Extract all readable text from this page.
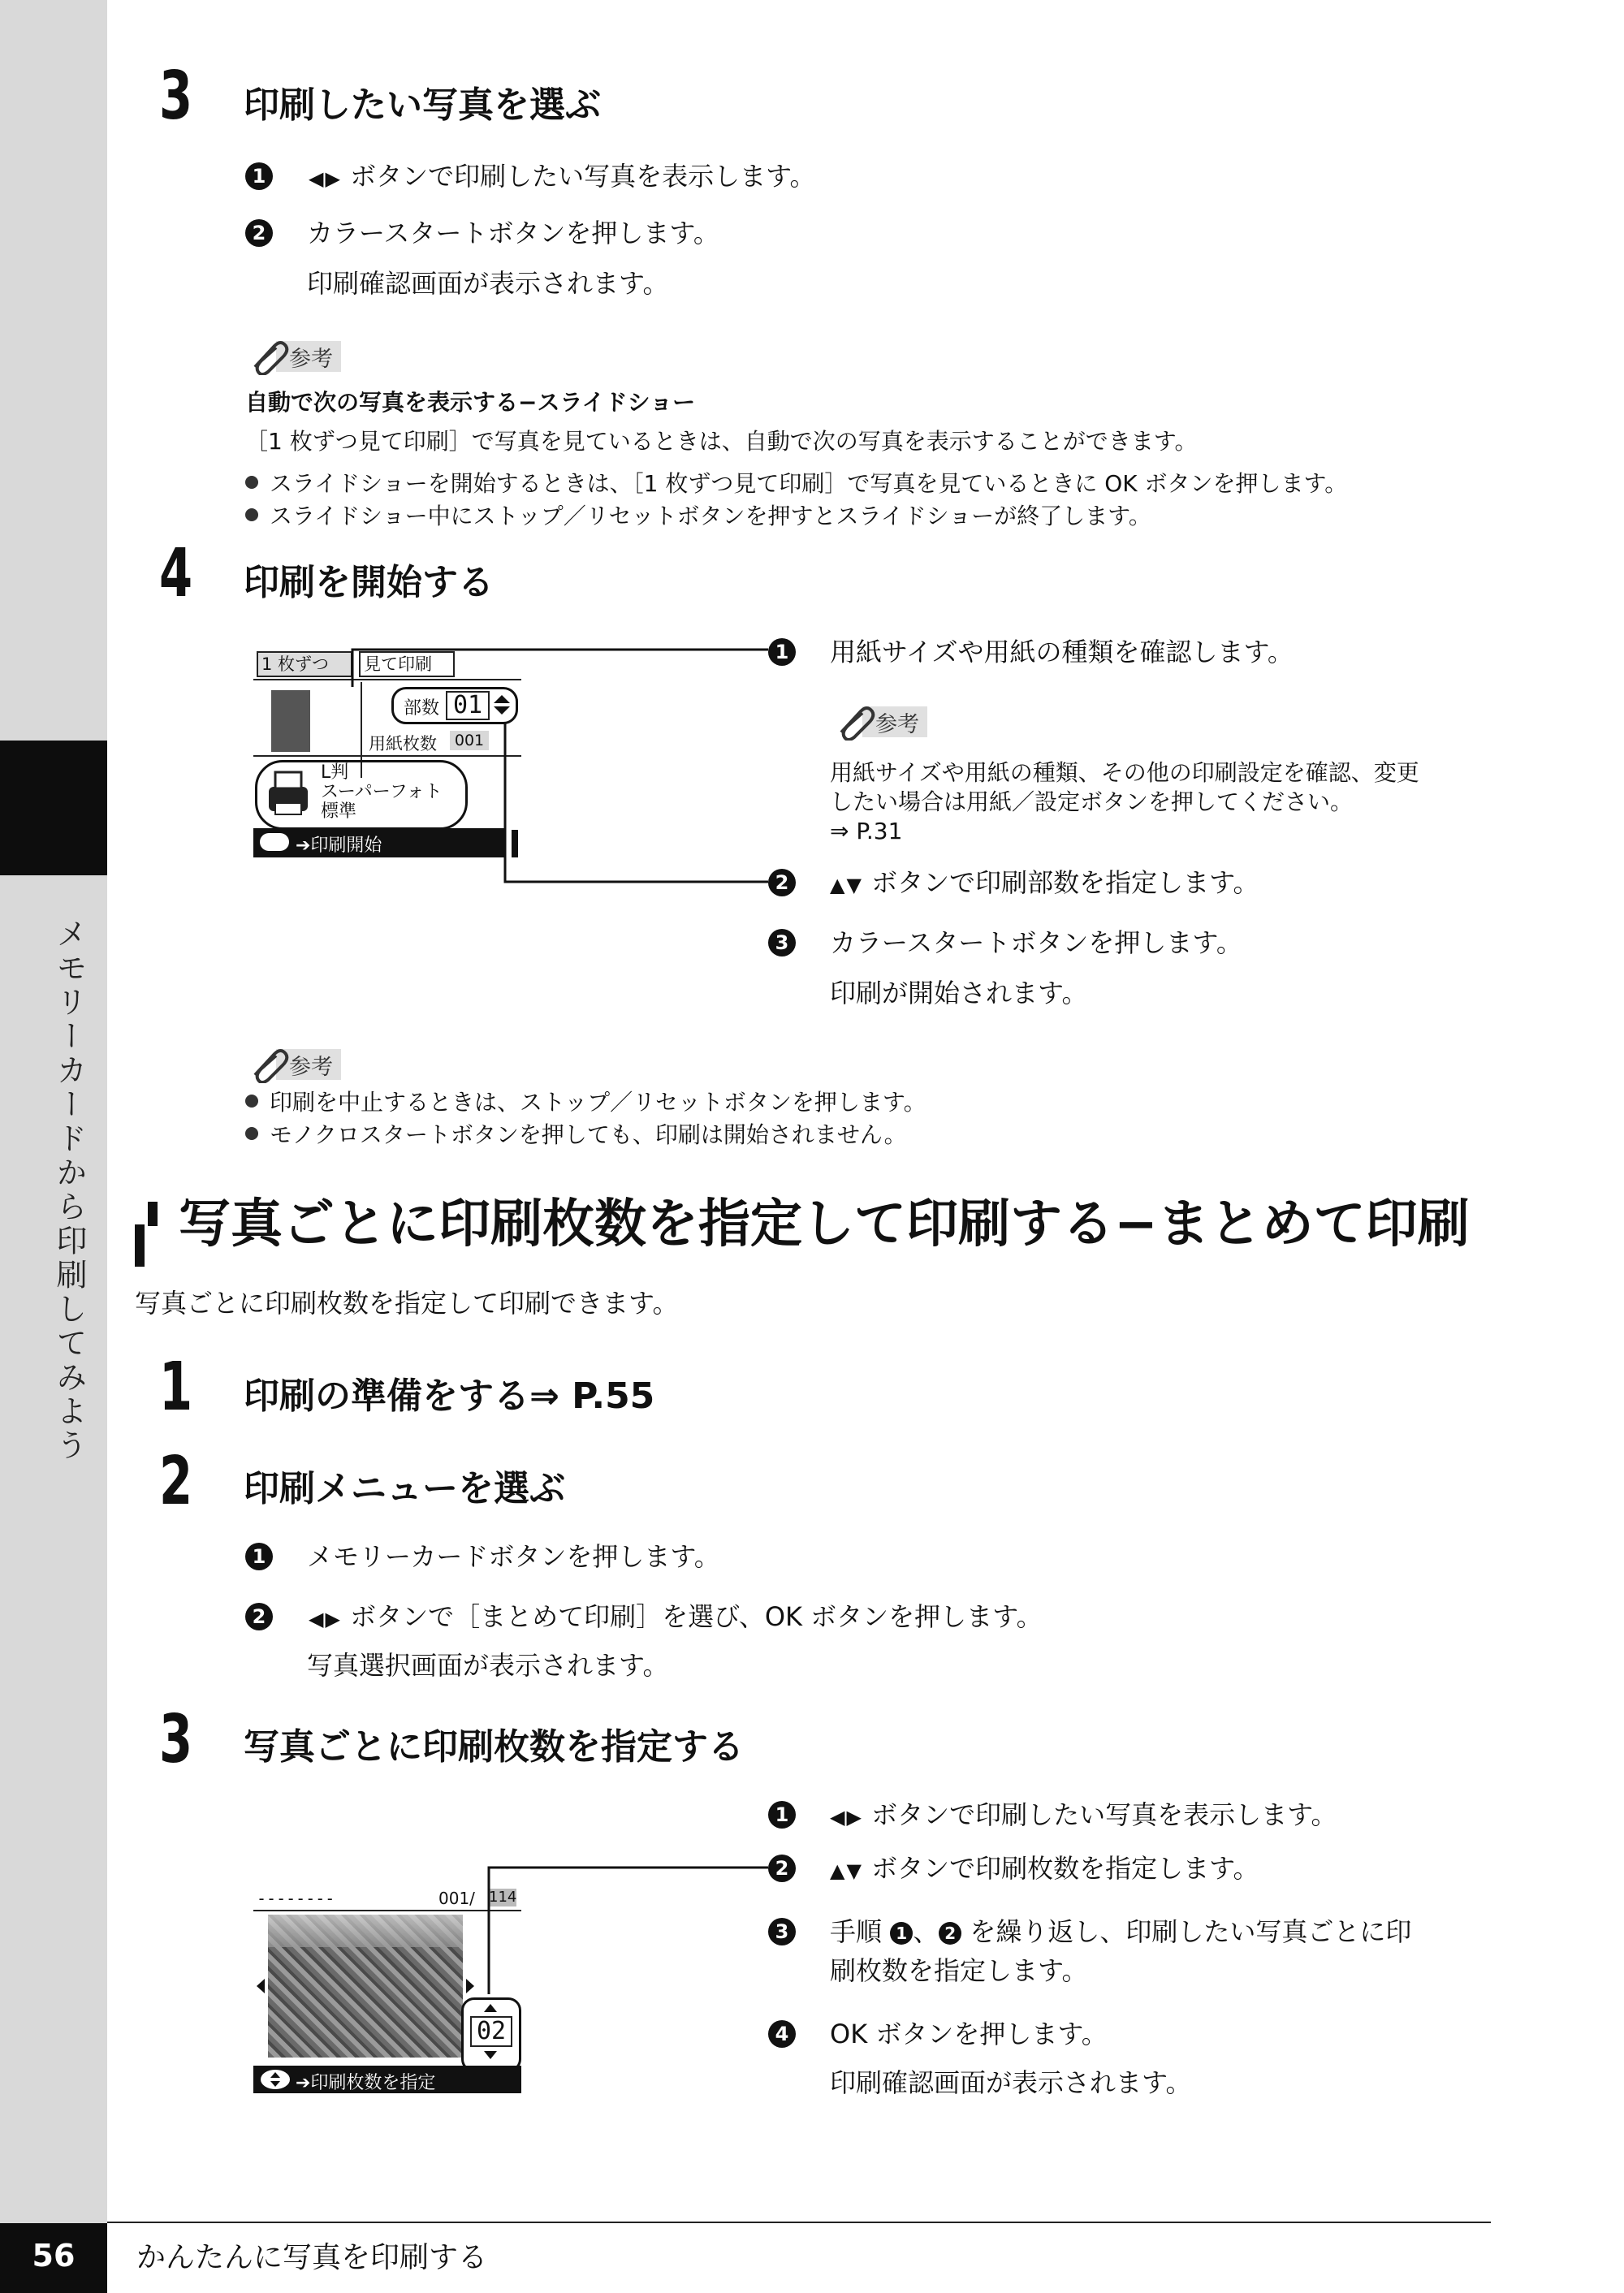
メモリーカードから印刷してみよう
3 印刷したい写真を選ぶ
1	◀▶ ボタンで印刷したい写真を表示します。
2 カラースタートボタンを押します。
印刷確認画面が表示されます。
参考
自動で次の写真を表示する−スライドショー
［1 枚ずつ見て印刷］で写真を見ているときは、自動で次の写真を表示することができます。
スライドショーを開始するときは、［1 枚ずつ見て印刷］で写真を見ているときに OK ボタンを押します。
スライドショー中にストップ／リセットボタンを押すとスライドショーが終了します。
4 印刷を開始する
1 枚ずつ	見て印刷
部数 01
用紙枚数	001
L判
スーパーフォト
標準
➔印刷開始
1 用紙サイズや用紙の種類を確認します。
参考
用紙サイズや用紙の種類、その他の印刷設定を確認、変更
したい場合は用紙／設定ボタンを押してください。
⇒ P.31
2	▲▼ ボタンで印刷部数を指定します。
3 カラースタートボタンを押します。
印刷が開始されます。
参考
印刷を中止するときは、ストップ／リセットボタンを押します。
モノクロスタートボタンを押しても、印刷は開始されません。
写真ごとに印刷枚数を指定して印刷する−まとめて印刷
写真ごとに印刷枚数を指定して印刷できます。
1 印刷の準備をする⇒ P.55
2 印刷メニューを選ぶ
1 メモリーカードボタンを押します。
2	◀▶ ボタンで［まとめて印刷］を選び、OK ボタンを押します。
写真選択画面が表示されます。
3 写真ごとに印刷枚数を指定する
--------	001/ 114
02
➔印刷枚数を指定
1	◀▶ ボタンで印刷したい写真を表示します。
2	▲▼ ボタンで印刷枚数を指定します。
3 手順 1 、 2 を繰り返し、印刷したい写真ごとに印
刷枚数を指定します。
4 OK ボタンを押します。
印刷確認画面が表示されます。
56	かんたんに写真を印刷する
